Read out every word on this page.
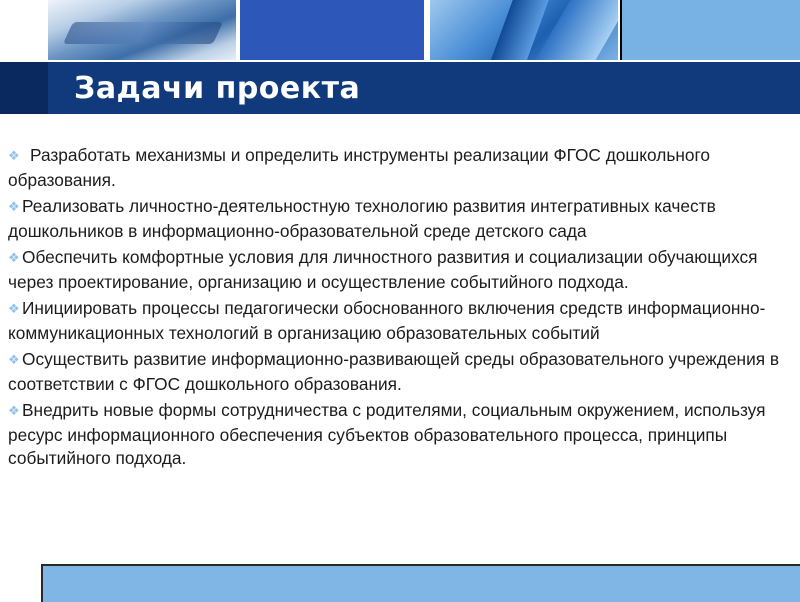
Задачи проекта
❖ Разработать механизмы и определить инструменты реализации ФГОС дошкольного образования.
❖ Реализовать личностно-деятельностную технологию развития интегративных качеств дошкольников в информационно-образовательной среде детского сада
❖ Обеспечить комфортные условия для личностного развития и социализации обучающихся через проектирование, организацию и осуществление событийного подхода.
❖ Инициировать процессы педагогически обоснованного включения средств информационно-коммуникационных технологий в организацию образовательных событий
❖ Осуществить развитие информационно-развивающей среды образовательного учреждения в соответствии с ФГОС дошкольного образования.
❖ Внедрить новые формы сотрудничества с родителями, социальным окружением, используя ресурс информационного обеспечения субъектов образовательного процесса, принципы событийного подхода.
